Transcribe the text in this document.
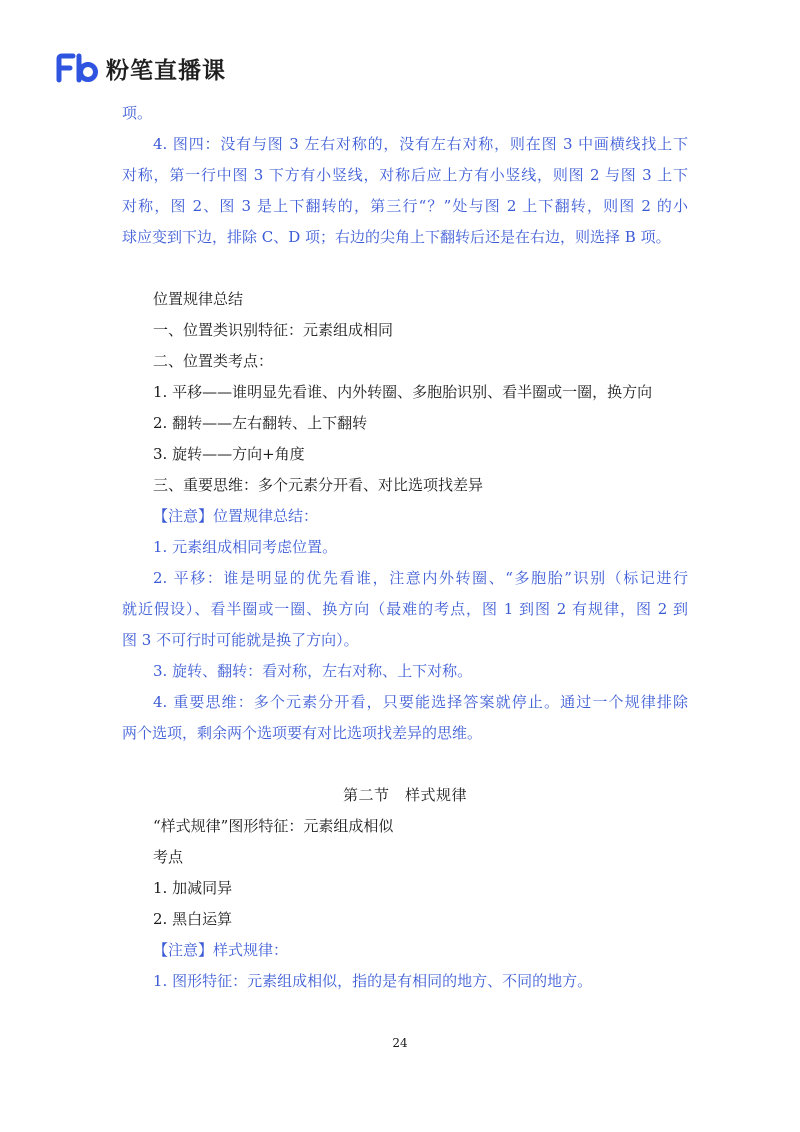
粉笔直播课
项。
4. 图四：没有与图 3 左右对称的，没有左右对称，则在图 3 中画横线找上下
对称，第一行中图 3 下方有小竖线，对称后应上方有小竖线，则图 2 与图 3 上下
对称，图 2、图 3 是上下翻转的，第三行“？”处与图 2 上下翻转，则图 2 的小
球应变到下边，排除 C、D 项；右边的尖角上下翻转后还是在右边，则选择 B 项。
位置规律总结
一、位置类识别特征：元素组成相同
二、位置类考点：
1. 平移——谁明显先看谁、内外转圈、多胞胎识别、看半圈或一圈，换方向
2. 翻转——左右翻转、上下翻转
3. 旋转——方向+角度
三、重要思维：多个元素分开看、对比选项找差异
【注意】位置规律总结：
1. 元素组成相同考虑位置。
2. 平移：谁是明显的优先看谁，注意内外转圈、“多胞胎”识别（标记进行
就近假设）、看半圈或一圈、换方向（最难的考点，图 1 到图 2 有规律，图 2 到
图 3 不可行时可能就是换了方向）。
3. 旋转、翻转：看对称，左右对称、上下对称。
4. 重要思维：多个元素分开看，只要能选择答案就停止。通过一个规律排除
两个选项，剩余两个选项要有对比选项找差异的思维。
第二节　样式规律
“样式规律”图形特征：元素组成相似
考点
1. 加减同异
2. 黑白运算
【注意】样式规律：
1. 图形特征：元素组成相似，指的是有相同的地方、不同的地方。
24
